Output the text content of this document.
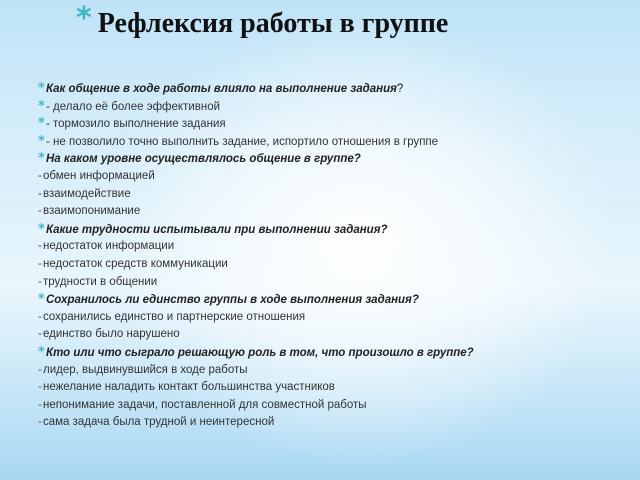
* Рефлексия работы в группе
* Как общение в ходе работы влияло на выполнение задания ?
* - делало её более эффективной
* - тормозило выполнение задания
* - не позволило точно выполнить задание, испортило отношения в группе
* На каком уровне осуществлялось общение в группе?
- обмен информацией
- взаимодействие
- взаимопонимание
* Какие трудности испытывали при выполнении задания?
- недостаток информации
- недостаток средств коммуникации
- трудности в общении
* Сохранилось ли единство группы в ходе выполнения задания?
- сохранились единство и партнерские отношения
- единство было нарушено
* Кто или что сыграло решающую роль в том, что произошло в группе?
- лидер, выдвинувшийся в ходе работы
- нежелание наладить контакт большинства участников
- непонимание задачи, поставленной для совместной работы
- сама задача была трудной и неинтересной
